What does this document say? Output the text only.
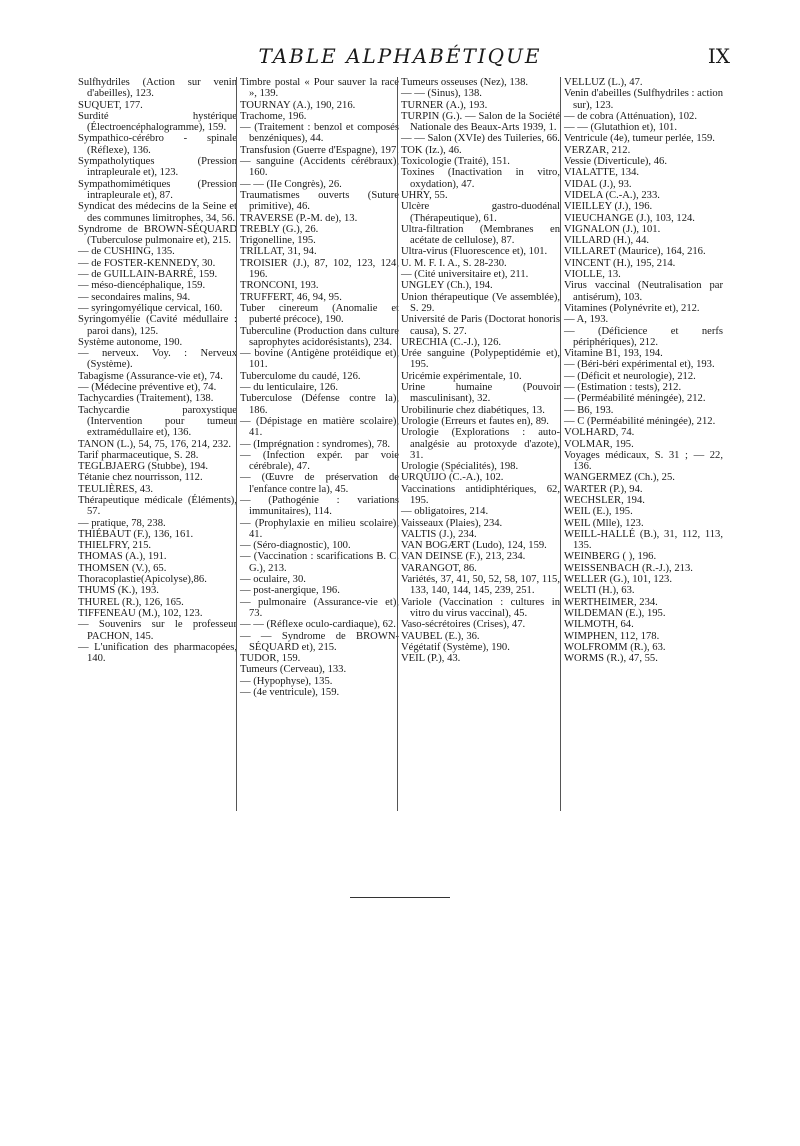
TABLE ALPHABÉTIQUE	IX

Sulfhydriles (Action sur venin d'abeilles), 123.

SUQUET, 177.

Surdité hystérique (Électroencéphalogramme), 159.

Sympathico-cérébro - spinale (Réflexe), 136.

Sympatholytiques (Pression intrapleurale et), 123.

Sympathomimétiques (Pression intrapleurale et), 87.

Syndicat des médecins de la Seine et des communes limitrophes, 34, 56.

Syndrome de BROWN-SÉQUARD (Tuberculose pulmonaire et), 215.

— de CUSHING, 135.

— de FOSTER-KENNEDY, 30.

— de GUILLAIN-BARRÉ, 159.

— méso-diencéphalique, 159.

— secondaires malins, 94.

— syringomyélique cervical, 160.

Syringomyélie (Cavité médullaire : paroi dans), 125.

Système autonome, 190.

— nerveux. Voy. : Nerveux (Système).

Tabagisme (Assurance-vie et), 74.

— (Médecine préventive et), 74.

Tachycardies (Traitement), 138.

Tachycardie paroxystique (Intervention pour tumeur extramédullaire et), 136.

TANON (L.), 54, 75, 176, 214, 232.

Tarif pharmaceutique, S. 28.

TEGLBJAERG (Stubbe), 194.

Tétanie chez nourrisson, 112.

TEULIÈRES, 43.

Thérapeutique médicale (Éléments), 57.

— pratique, 78, 238.

THIÉBAUT (F.), 136, 161.

THIELFRY, 215.

THOMAS (A.), 191.

THOMSEN (V.), 65.

Thoracoplastie(Apicolyse),86.

THUMS (K.), 193.

THUREL (R.), 126, 165.

TIFFENEAU (M.), 102, 123.

— Souvenirs sur le professeur PACHON, 145.

— L'unification des pharmacopées, 140.

Timbre postal « Pour sauver la race », 139.

TOURNAY (A.), 190, 216.

Trachome, 196.

— (Traitement : benzol et composés benzéniques), 44.

Transfusion (Guerre d'Espagne), 197.

— sanguine (Accidents cérébraux), 160.

— — (IIe Congrès), 26.

Traumatismes ouverts (Suture primitive), 46.

TRAVERSE (P.-M. de), 13.

TREBLY (G.), 26.

Trigonelline, 195.

TRILLAT, 31, 94.

TROISIER (J.), 87, 102, 123, 124, 196.

TRONCONI, 193.

TRUFFERT, 46, 94, 95.

Tuber cinereum (Anomalie et puberté précoce), 190.

Tuberculine (Production dans culture saprophytes acidorésistants), 234.

— bovine (Antigène protéidique et), 101.

Tuberculome du caudé, 126.

— du lenticulaire, 126.

Tuberculose (Défense contre la), 186.

— (Dépistage en matière scolaire), 41.

— (Imprégnation : syndromes), 78.

— (Infection expér. par voie cérébrale), 47.

— (Œuvre de préservation de l'enfance contre la), 45.

— (Pathogénie : variations immunitaires), 114.

— (Prophylaxie en milieu scolaire), 41.

— (Séro-diagnostic), 100.

— (Vaccination : scarifications B. C. G.), 213.

— oculaire, 30.

— post-anergique, 196.

— pulmonaire (Assurance-vie et), 73.

— — (Réflexe oculo-cardiaque), 62.

— — Syndrome de BROWN-SÉQUARD et), 215.

TUDOR, 159.

Tumeurs (Cerveau), 133.

— (Hypophyse), 135.

— (4e ventricule), 159.

Tumeurs osseuses (Nez), 138.

— — (Sinus), 138.

TURNER (A.), 193.

TURPIN (G.). — Salon de la Société Nationale des Beaux-Arts 1939, 1.

— — Salon (XVIe) des Tuileries, 66.

TOK (Iz.), 46.

Toxicologie (Traité), 151.

Toxines (Inactivation in vitro, oxydation), 47.

UHRY, 55.

Ulcère gastro-duodénal (Thérapeutique), 61.

Ultra-filtration (Membranes en acétate de cellulose), 87.

Ultra-virus (Fluorescence et), 101.

U. M. F. I. A., S. 28-230.

— (Cité universitaire et), 211.

UNGLEY (Ch.), 194.

Union thérapeutique (Ve assemblée), S. 29.

Université de Paris (Doctorat honoris causa), S. 27.

URECHIA (C.-J.), 126.

Urée sanguine (Polypeptidémie et), 195.

Uricémie expérimentale, 10.

Urine humaine (Pouvoir masculinisant), 32.

Urobilinurie chez diabétiques, 13.

Urologie (Erreurs et fautes en), 89.

Urologie (Explorations : auto-analgésie au protoxyde d'azote), 31.

Urologie (Spécialités), 198.

URQUIJO (C.-A.), 102.

Vaccinations antidiphtériques, 62, 195.

— obligatoires, 214.

Vaisseaux (Plaies), 234.

VALTIS (J.), 234.

VAN BOGÆRT (Ludo), 124, 159.

VAN DEINSE (F.), 213, 234.

VARANGOT, 86.

Variétés, 37, 41, 50, 52, 58, 107, 115, 133, 140, 144, 145, 239, 251.

Variole (Vaccination : cultures in vitro du virus vaccinal), 45.

Vaso-sécrétoires (Crises), 47.

VAUBEL (E.), 36.

Végétatif (Système), 190.

VEIL (P.), 43.

VELLUZ (L.), 47.

Venin d'abeilles (Sulfhydriles : action sur), 123.

— de cobra (Atténuation), 102.

— — (Glutathion et), 101.

Ventricule (4e), tumeur perlée, 159.

VERZAR, 212.

Vessie (Diverticule), 46.

VIALATTE, 134.

VIDAL (J.), 93.

VIDELA (C.-A.), 233.

VIEILLEY (J.), 196.

VIEUCHANGE (J.), 103, 124.

VIGNALON (J.), 101.

VILLARD (H.), 44.

VILLARET (Maurice), 164, 216.

VINCENT (H.), 195, 214.

VIOLLE, 13.

Virus vaccinal (Neutralisation par antisérum), 103.

Vitamines (Polynévrite et), 212.

— A, 193.

— (Déficience et nerfs périphériques), 212.

Vitamine B1, 193, 194.

— (Béri-béri expérimental et), 193.

— (Déficit et neurologie), 212.

— (Estimation : tests), 212.

— (Perméabilité méningée), 212.

— B6, 193.

— C (Perméabilité méningée), 212.

VOLHARD, 74.

VOLMAR, 195.

Voyages médicaux, S. 31 ; — 22, 136.

WANGERMEZ (Ch.), 25.

WARTER (P.), 94.

WECHSLER, 194.

WEIL (E.), 195.

WEIL (Mlle), 123.

WEILL-HALLÉ (B.), 31, 112, 113, 135.

WEINBERG ( ), 196.

WEISSENBACH (R.-J.), 213.

WELLER (G.), 101, 123.

WELTI (H.), 63.

WERTHEIMER, 234.

WILDEMAN (E.), 195.

WILMOTH, 64.

WIMPHEN, 112, 178.

WOLFROMM (R.), 63.

WORMS (R.), 47, 55.
